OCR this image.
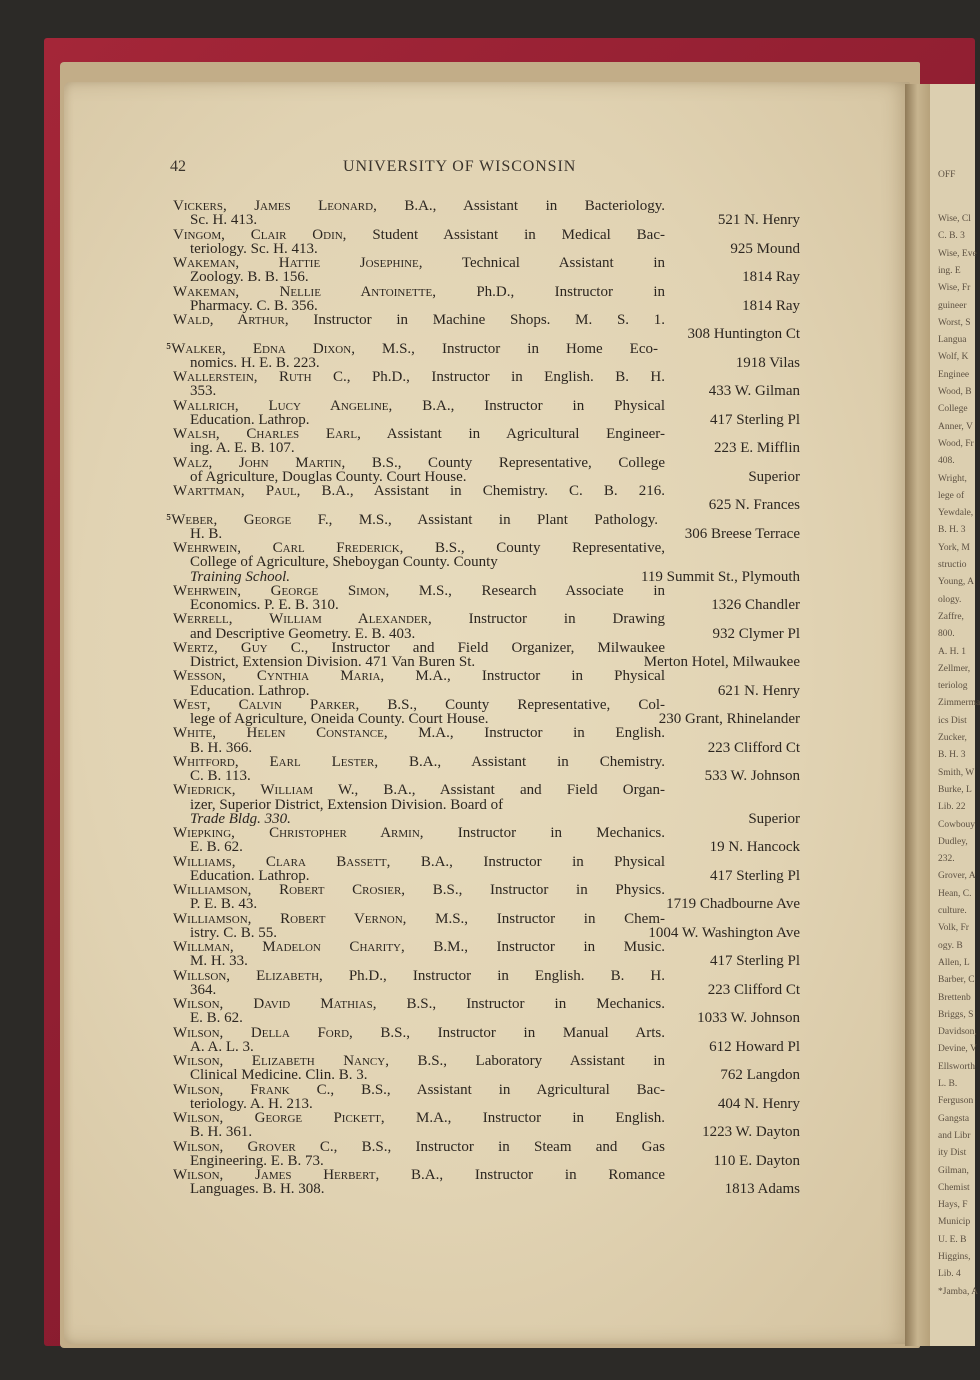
OFF
Wise, Cl
C. B. 3
Wise, Eve
ing. E
Wise, Fr
guineer
Worst, S
Langua
Wolf, K
Enginee
Wood, B
College
Anner, V
Wood, Fr
408.
Wright,
lege of
Yewdale,
B. H. 3
York, M
structio
Young, A
ology.
Zaffre,
800.
A. H. 1
Zellmer,
teriolog
Zimmerma
ics Dist
Zucker,
B. H. 3
Smith, W
Burke, L
Lib. 22
Cowbouy
Dudley,
232.
Grover, A
Hean, C.
culture.
Volk, Fr
ogy. B
Allen, L
Barber, C
Brettenb
Briggs, S
Davidson,
Devine, V
Ellsworth
L. B.
Ferguson
Gangsta
and Libr
ity Dist
Gilman,
Chemist
Hays, F
Municip
U. E. B
Higgins,
Lib. 4
*Jamba, A
42	UNIVERSITY OF WISCONSIN
Vickers, James Leonard, B.A., Assistant in Bacteriology.
Sc. H. 413.	521 N. Henry
Vingom, Clair Odin, Student Assistant in Medical Bac-
teriology. Sc. H. 413.	925 Mound
Wakeman, Hattie Josephine, Technical Assistant in
Zoology. B. B. 156.	1814 Ray
Wakeman, Nellie Antoinette, Ph.D., Instructor in
Pharmacy. C. B. 356.	1814 Ray
Wald, Arthur, Instructor in Machine Shops. M. S. 1.
308 Huntington Ct
⁵Walker, Edna Dixon, M.S., Instructor in Home Eco-
nomics. H. E. B. 223.	1918 Vilas
Wallerstein, Ruth C., Ph.D., Instructor in English. B. H.
353.	433 W. Gilman
Wallrich, Lucy Angeline, B.A., Instructor in Physical
Education. Lathrop.	417 Sterling Pl
Walsh, Charles Earl, Assistant in Agricultural Engineer-
ing. A. E. B. 107.	223 E. Mifflin
Walz, John Martin, B.S., County Representative, College
of Agriculture, Douglas County. Court House.	Superior
Warttman, Paul, B.A., Assistant in Chemistry. C. B. 216.
625 N. Frances
⁵Weber, George F., M.S., Assistant in Plant Pathology.
H. B.	306 Breese Terrace
Wehrwein, Carl Frederick, B.S., County Representative,
College of Agriculture, Sheboygan County. County
Training School.	119 Summit St., Plymouth
Wehrwein, George Simon, M.S., Research Associate in
Economics. P. E. B. 310.	1326 Chandler
Werrell, William Alexander, Instructor in Drawing
and Descriptive Geometry. E. B. 403.	932 Clymer Pl
Wertz, Guy C., Instructor and Field Organizer, Milwaukee
District, Extension Division. 471 Van Buren St.	Merton Hotel, Milwaukee
Wesson, Cynthia Maria, M.A., Instructor in Physical
Education. Lathrop.	621 N. Henry
West, Calvin Parker, B.S., County Representative, Col-
lege of Agriculture, Oneida County. Court House.	230 Grant, Rhinelander
White, Helen Constance, M.A., Instructor in English.
B. H. 366.	223 Clifford Ct
Whitford, Earl Lester, B.A., Assistant in Chemistry.
C. B. 113.	533 W. Johnson
Wiedrick, William W., B.A., Assistant and Field Organ-
izer, Superior District, Extension Division. Board of
Trade Bldg. 330.	Superior
Wiepking, Christopher Armin, Instructor in Mechanics.
E. B. 62.	19 N. Hancock
Williams, Clara Bassett, B.A., Instructor in Physical
Education. Lathrop.	417 Sterling Pl
Williamson, Robert Crosier, B.S., Instructor in Physics.
P. E. B. 43.	1719 Chadbourne Ave
Williamson, Robert Vernon, M.S., Instructor in Chem-
istry. C. B. 55.	1004 W. Washington Ave
Willman, Madelon Charity, B.M., Instructor in Music.
M. H. 33.	417 Sterling Pl
Willson, Elizabeth, Ph.D., Instructor in English. B. H.
364.	223 Clifford Ct
Wilson, David Mathias, B.S., Instructor in Mechanics.
E. B. 62.	1033 W. Johnson
Wilson, Della Ford, B.S., Instructor in Manual Arts.
A. A. L. 3.	612 Howard Pl
Wilson, Elizabeth Nancy, B.S., Laboratory Assistant in
Clinical Medicine. Clin. B. 3.	762 Langdon
Wilson, Frank C., B.S., Assistant in Agricultural Bac-
teriology. A. H. 213.	404 N. Henry
Wilson, George Pickett, M.A., Instructor in English.
B. H. 361.	1223 W. Dayton
Wilson, Grover C., B.S., Instructor in Steam and Gas
Engineering. E. B. 73.	110 E. Dayton
Wilson, James Herbert, B.A., Instructor in Romance
Languages. B. H. 308.	1813 Adams
